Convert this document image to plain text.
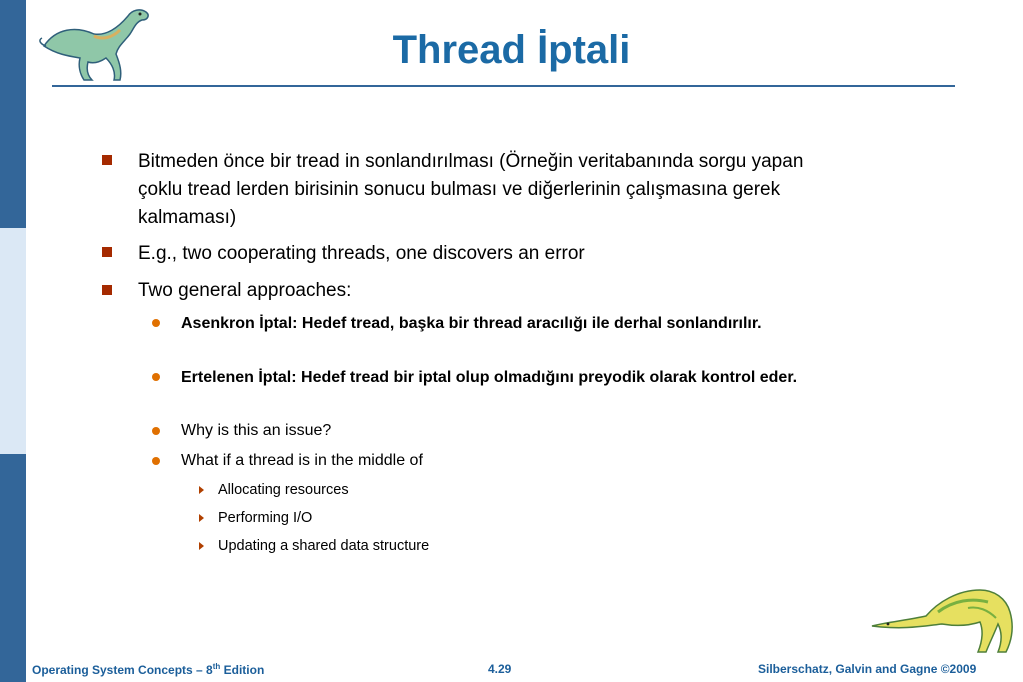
Thread İptali
Bitmeden önce bir tread in sonlandırılması (Örneğin veritabanında sorgu yapan çoklu tread lerden birisinin sonucu bulması ve diğerlerinin çalışmasına gerek kalmaması)
E.g., two cooperating threads, one discovers an error
Two general approaches:
Asenkron İptal: Hedef tread, başka bir thread aracılığı ile derhal sonlandırılır.
Ertelenen İptal: Hedef tread bir iptal olup olmadığını preyodik olarak kontrol eder.
Why is this an issue?
What if a thread is in the middle of
Allocating resources
Performing I/O
Updating a shared data structure
Operating System Concepts – 8th Edition	4.29	Silberschatz, Galvin and Gagne ©2009
